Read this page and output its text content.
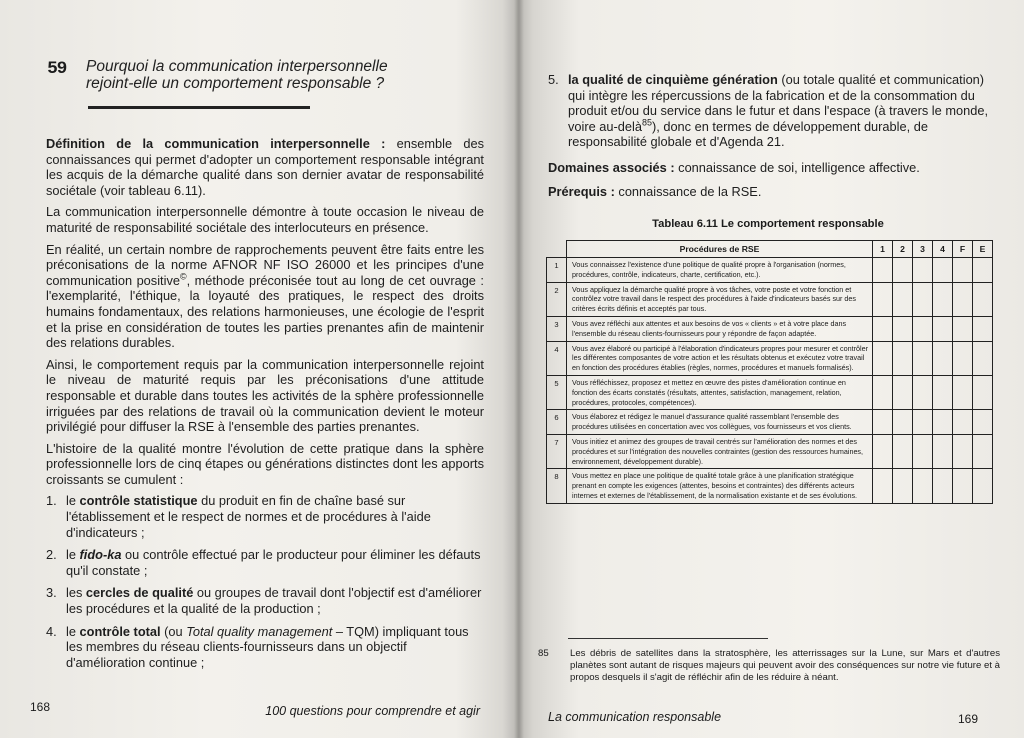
59 Pourquoi la communication interpersonnelle
rejoint-elle un comportement responsable ?

Définition de la communication interpersonnelle : ensemble des connaissances qui permet d'adopter un comportement responsable intégrant les acquis de la démarche qualité dans son dernier avatar de responsabilité sociétale (voir tableau 6.11).

La communication interpersonnelle démontre à toute occasion le niveau de maturité de responsabilité sociétale des interlocuteurs en présence.

En réalité, un certain nombre de rapprochements peuvent être faits entre les préconisations de la norme AFNOR NF ISO 26000 et les principes d'une communication positive©, méthode préconisée tout au long de cet ouvrage : l'exemplarité, l'éthique, la loyauté des pratiques, le respect des droits humains fondamentaux, des relations harmonieuses, une écologie de l'esprit et la prise en considération de toutes les parties prenantes afin de maintenir des relations durables.

Ainsi, le comportement requis par la communication interpersonnelle rejoint le niveau de maturité requis par les préconisations d'une attitude responsable et durable dans toutes les activités de la sphère professionnelle irriguées par des relations de travail où la communication devient le moteur privilégié pour diffuser la RSE à l'ensemble des parties prenantes.

L'histoire de la qualité montre l'évolution de cette pratique dans la sphère professionnelle lors de cinq étapes ou générations distinctes dont les apports croissants se cumulent :

1. le contrôle statistique du produit en fin de chaîne basé sur l'établissement et le respect de normes et de procédures à l'aide d'indicateurs ;
2. le fido-ka ou contrôle effectué par le producteur pour éliminer les défauts qu'il constate ;
3. les cercles de qualité ou groupes de travail dont l'objectif est d'améliorer les procédures et la qualité de la production ;
4. le contrôle total (ou Total quality management – TQM) impliquant tous les membres du réseau clients-fournisseurs dans un objectif d'amélioration continue ;
168	100 questions pour comprendre et agir
5. la qualité de cinquième génération (ou totale qualité et communication) qui intègre les répercussions de la fabrication et de la consommation du produit et/ou du service dans le futur et dans l'espace (à travers le monde, voire au-delà$^{85}$), donc en termes de développement durable, de responsabilité globale et d'Agenda 21.

Domaines associés : connaissance de soi, intelligence affective.

Prérequis : connaissance de la RSE.

Tableau 6.11 Le comportement responsable
	Procédures de RSE	1	2	3	4	F	E
1	Vous connaissez l'existence d'une politique de qualité propre à l'organisation (normes, procédures, contrôle, indicateurs, charte, certification, etc.).						
2	Vous appliquez la démarche qualité propre à vos tâches, votre poste et votre fonction et contrôlez votre travail dans le respect des procédures à l'aide d'indicateurs basés sur des critères écrits définis et acceptés par tous.						
3	Vous avez réfléchi aux attentes et aux besoins de vos « clients » et à votre place dans l'ensemble du réseau clients-fournisseurs pour y répondre de façon adaptée.						
4	Vous avez élaboré ou participé à l'élaboration d'indicateurs propres pour mesurer et contrôler les différentes composantes de votre action et les résultats obtenus et exécutez votre travail en fonction des procédures établies (règles, normes, procédures et manuels formalisés).						
5	Vous réfléchissez, proposez et mettez en œuvre des pistes d'amélioration continue en fonction des écarts constatés (résultats, attentes, satisfaction, management, relation, procédures, protocoles, compétences).						
6	Vous élaborez et rédigez le manuel d'assurance qualité rassemblant l'ensemble des procédures utilisées en concertation avec vos collègues, vos fournisseurs et vos clients.						
7	Vous initiez et animez des groupes de travail centrés sur l'amélioration des normes et des procédures et sur l'intégration des nouvelles contraintes (gestion des ressources humaines, environnement, développement durable).						
8	Vous mettez en place une politique de qualité totale grâce à une planification stratégique prenant en compte les exigences (attentes, besoins et contraintes) des différents acteurs internes et externes de l'établissement, de la normalisation existante et de ses évolutions.						
85 Les débris de satellites dans la stratosphère, les atterrissages sur la Lune, sur Mars et d'autres planètes sont autant de risques majeurs qui peuvent avoir des conséquences sur notre vie future et à propos desquels il s'agit de réfléchir afin de les réduire à néant.
La communication responsable	169
